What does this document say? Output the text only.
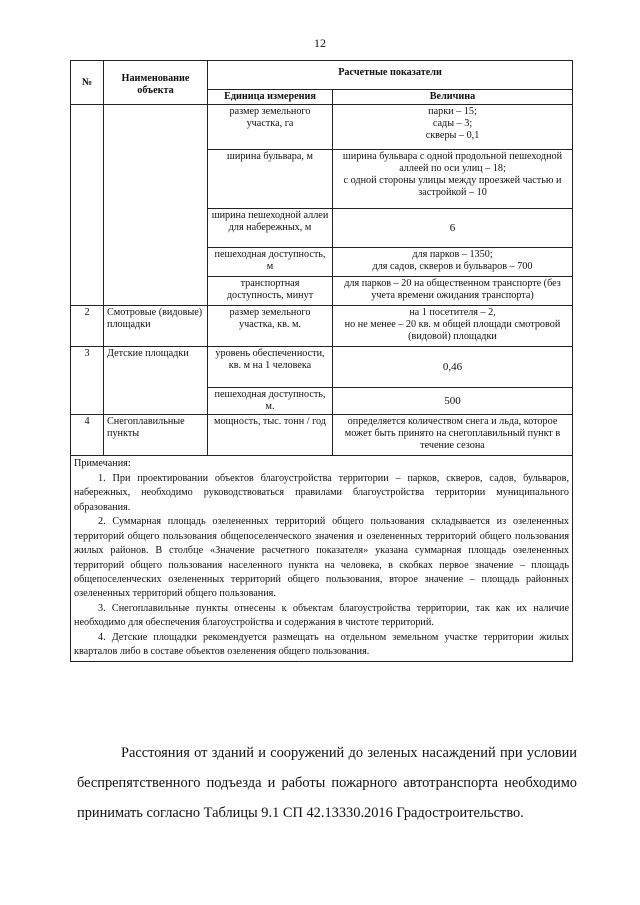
12
№	Наименование объекта	Расчетные показатели	
		Единица измерения	Величина
		размер земельного участка, га	парки – 15;
сады – 3;
скверы – 0,1
		ширина бульвара, м	ширина бульвара с одной продольной пешеходной аллеей по оси улиц – 18;
с одной стороны улицы между проезжей частью и застройкой – 10
		ширина пешеходной аллеи для набережных, м	6
		пешеходная доступность, м	для парков – 1350;
для садов, скверов и бульваров – 700
		транспортная доступность, минут	для парков – 20 на общественном транспорте (без учета времени ожидания транспорта)
2	Смотровые (видовые) площадки	размер земельного участка, кв. м.	на 1 посетителя – 2,
но не менее – 20 кв. м общей площади смотровой (видовой) площадки
3	Детские площадки	уровень обеспеченности, кв. м на 1 человека	0,46
		пешеходная доступность, м.	500
4	Снегоплавильные пункты	мощность, тыс. тонн / год	определяется количеством снега и льда, которое может быть принято на снегоплавильный пункт в течение сезона

Примечания:
1. При проектировании объектов благоустройства территории – парков, скверов, садов, бульваров, набережных, необходимо руководствоваться правилами благоустройства территории муниципального образования.
2. Суммарная площадь озелененных территорий общего пользования складывается из озелененных территорий общего пользования общепоселенческого значения и озелененных территорий общего пользования жилых районов. В столбце «Значение расчетного показателя» указана суммарная площадь озелененных территорий общего пользования населенного пункта на человека, в скобках первое значение – площадь общепоселенческих озелененных территорий общего пользования, второе значение – площадь районных озелененных территорий общего пользования.
3. Снегоплавильные пункты отнесены к объектам благоустройства территории, так как их наличие необходимо для обеспечения благоустройства и содержания в чистоте территорий.
4. Детские площадки рекомендуется размещать на отдельном земельном участке территории жилых кварталов либо в составе объектов озеленения общего пользования.			
Расстояния от зданий и сооружений до зеленых насаждений при условии беспрепятственного подъезда и работы пожарного автотранспорта необходимо принимать согласно Таблицы 9.1 СП 42.13330.2016 Градостроительство.
